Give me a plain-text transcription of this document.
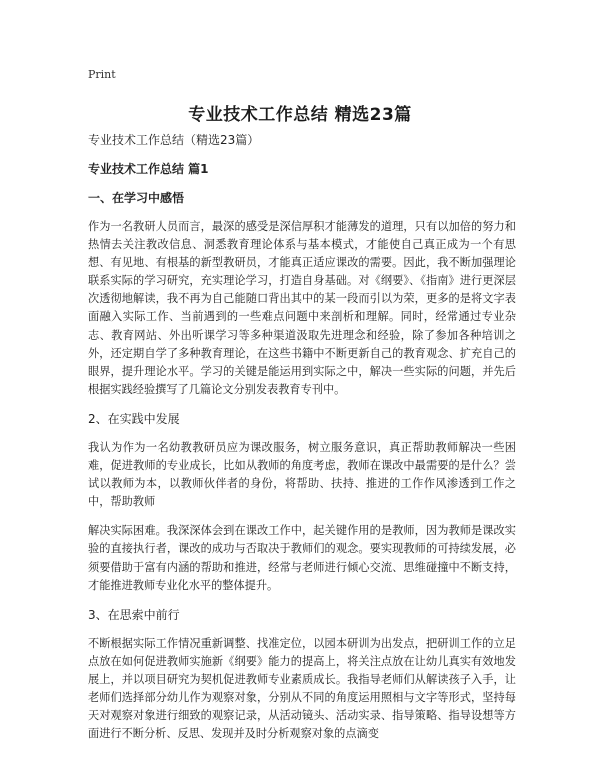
Print
专业技术工作总结 精选23篇

专业技术工作总结（精选23篇）

专业技术工作总结 篇1

一、在学习中感悟

作为一名教研人员而言，最深的感受是深信厚积才能薄发的道理，只有以加倍的努力和热情去关注教改信息、洞悉教育理论体系与基本模式，才能使自己真正成为一个有思想、有见地、有根基的新型教研员，才能真正适应课改的需要。因此，我不断加强理论联系实际的学习研究，充实理论学习，打造自身基础。对《纲要》、《指南》进行更深层次透彻地解读，我不再为自己能随口背出其中的某一段而引以为荣，更多的是将文字表面融入实际工作、当前遇到的一些难点问题中来剖析和理解。同时，经常通过专业杂志、教育网站、外出听课学习等多种渠道汲取先进理念和经验，除了参加各种培训之外，还定期自学了多种教育理论，在这些书籍中不断更新自己的教育观念、扩充自己的眼界，提升理论水平。学习的关键是能运用到实际之中，解决一些实际的问题，并先后根据实践经验撰写了几篇论文分别发表教育专刊中。

2、在实践中发展

我认为作为一名幼教教研员应为课改服务，树立服务意识，真正帮助教师解决一些困难，促进教师的专业成长，比如从教师的角度考虑，教师在课改中最需要的是什么？尝试以教师为本，以教师伙伴者的身份，将帮助、扶持、推进的工作作风渗透到工作之中，帮助教师

解决实际困难。我深深体会到在课改工作中，起关键作用的是教师，因为教师是课改实验的直接执行者，课改的成功与否取决于教师们的观念。要实现教师的可持续发展，必须要借助于富有内涵的帮助和推进，经常与老师进行倾心交流、思维碰撞中不断支持，才能推进教师专业化水平的整体提升。

3、在思索中前行

不断根据实际工作情况重新调整、找准定位，以园本研训为出发点，把研训工作的立足点放在如何促进教师实施新《纲要》能力的提高上，将关注点放在让幼儿真实有效地发展上，并以项目研究为契机促进教师专业素质成长。我指导老师们从解读孩子入手，让老师们选择部分幼儿作为观察对象，分别从不同的角度运用照相与文字等形式，坚持每天对观察对象进行细致的观察记录，从活动镜头、活动实录、指导策略、指导设想等方面进行不断分析、反思、发现并及时分析观察对象的点滴变
